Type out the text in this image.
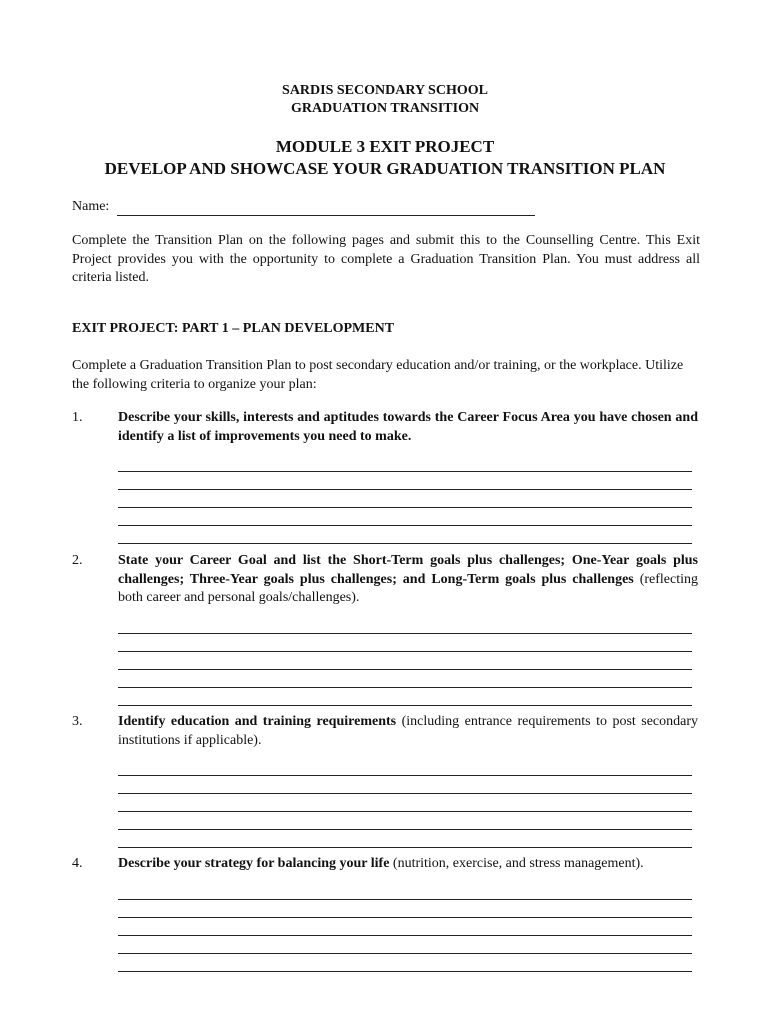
SARDIS SECONDARY SCHOOL
GRADUATION TRANSITION
MODULE 3 EXIT PROJECT
DEVELOP AND SHOWCASE YOUR GRADUATION TRANSITION PLAN
Name:
Complete the Transition Plan on the following pages and submit this to the Counselling Centre. This Exit Project provides you with the opportunity to complete a Graduation Transition Plan. You must address all criteria listed.
EXIT PROJECT: PART 1 – PLAN DEVELOPMENT
Complete a Graduation Transition Plan to post secondary education and/or training, or the workplace. Utilize the following criteria to organize your plan:
1.	Describe your skills, interests and aptitudes towards the Career Focus Area you have chosen and identify a list of improvements you need to make.
2.	State your Career Goal and list the Short-Term goals plus challenges; One-Year goals plus challenges; Three-Year goals plus challenges; and Long-Term goals plus challenges (reflecting both career and personal goals/challenges).
3.	Identify education and training requirements (including entrance requirements to post secondary institutions if applicable).
4.	Describe your strategy for balancing your life (nutrition, exercise, and stress management).
